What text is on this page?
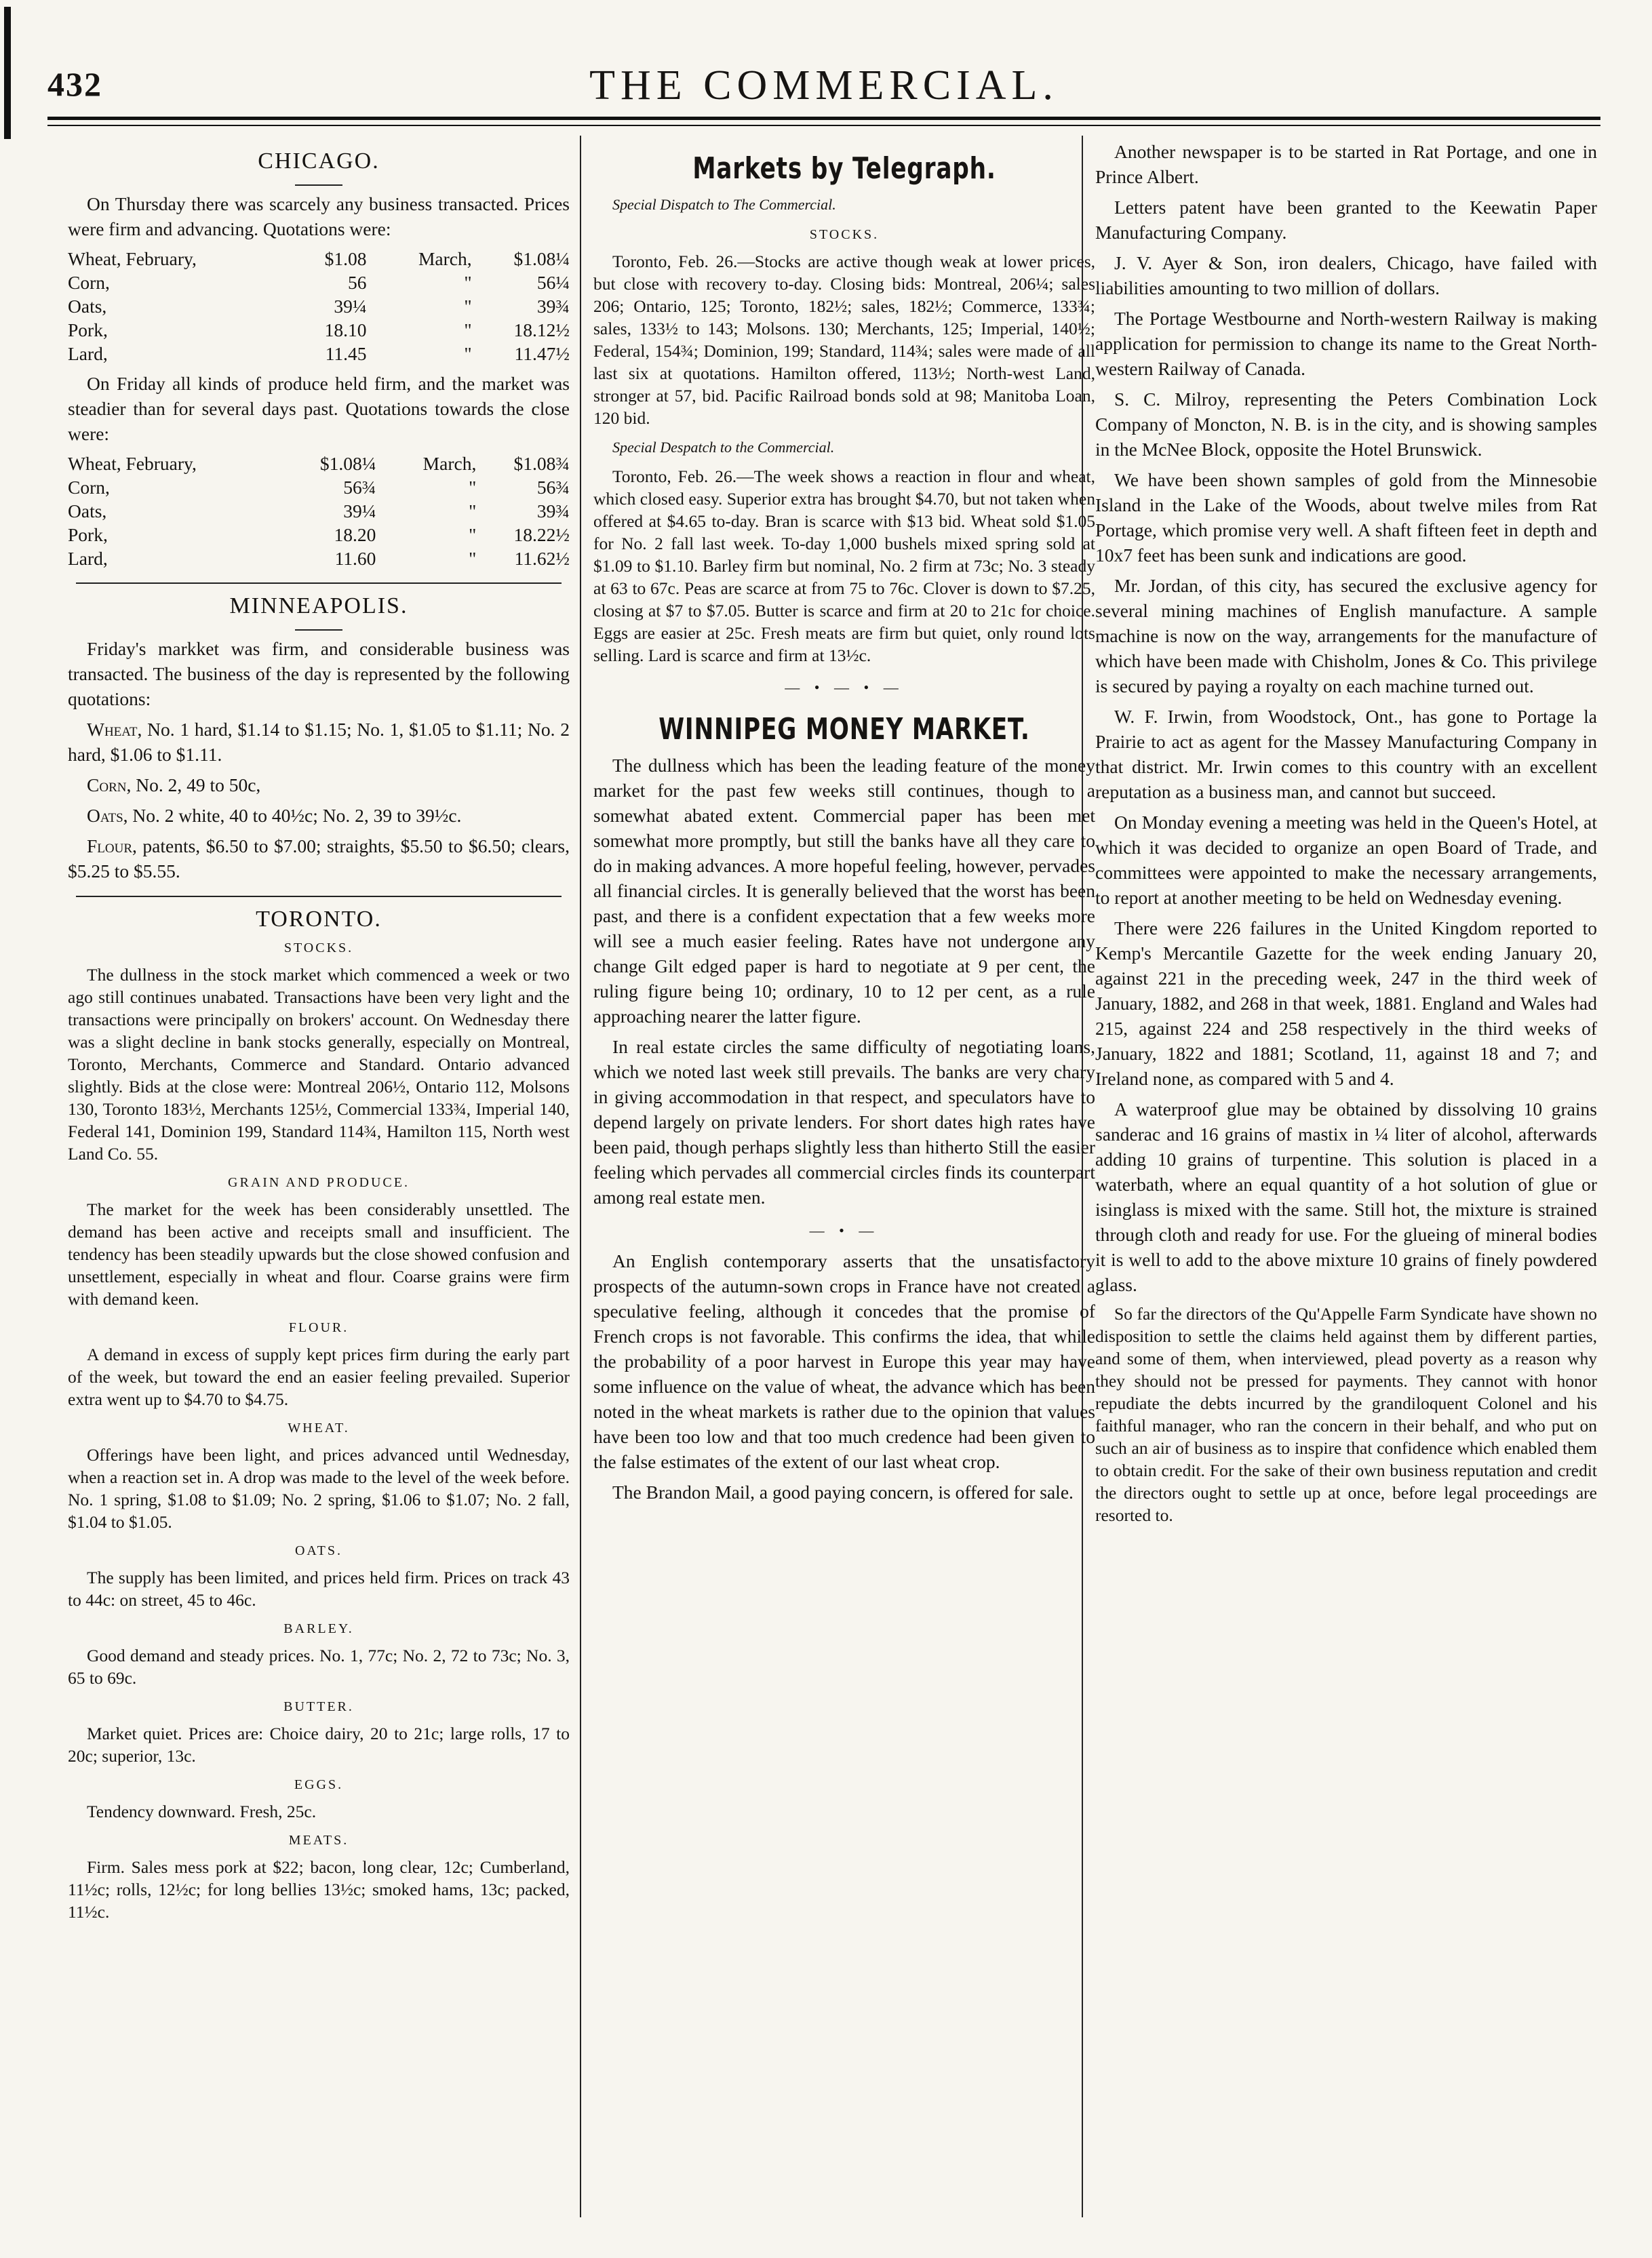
432	THE COMMERCIAL.
CHICAGO.

On Thursday there was scarcely any business transacted. Prices were firm and advancing. Quotations were:

Wheat, February,	$1.08	March,	$1.08¼
Corn,	56	"	56¼
Oats,	39¼	"	39¾
Pork,	18.10	"	18.12½
Lard,	11.45	"	11.47½

On Friday all kinds of produce held firm, and the market was steadier than for several days past. Quotations towards the close were:

Wheat, February,	$1.08¼	March,	$1.08¾
Corn,	56¾	"	56¾
Oats,	39¼	"	39¾
Pork,	18.20	"	18.22½
Lard,	11.60	"	11.62½
MINNEAPOLIS.

Friday's markket was firm, and considerable business was transacted. The business of the day is represented by the following quotations:

Wheat, No. 1 hard, $1.14 to $1.15; No. 1, $1.05 to $1.11; No. 2 hard, $1.06 to $1.11.

Corn, No. 2, 49 to 50c,

Oats, No. 2 white, 40 to 40½c; No. 2, 39 to 39½c.

Flour, patents, $6.50 to $7.00; straights, $5.50 to $6.50; clears, $5.25 to $5.55.

TORONTO.
STOCKS.

The dullness in the stock market which commenced a week or two ago still continues unabated. Transactions have been very light and the transactions were principally on brokers' account. On Wednesday there was a slight decline in bank stocks generally, especially on Montreal, Toronto, Merchants, Commerce and Standard. Ontario advanced slightly. Bids at the close were: Montreal 206½, Ontario 112, Molsons 130, Toronto 183½, Merchants 125½, Commercial 133¾, Imperial 140, Federal 141, Dominion 199, Standard 114¾, Hamilton 115, North west Land Co. 55.

GRAIN AND PRODUCE.

The market for the week has been considerably unsettled. The demand has been active and receipts small and insufficient. The tendency has been steadily upwards but the close showed confusion and unsettlement, especially in wheat and flour. Coarse grains were firm with demand keen.

FLOUR.

A demand in excess of supply kept prices firm during the early part of the week, but toward the end an easier feeling prevailed. Superior extra went up to $4.70 to $4.75.

WHEAT.

Offerings have been light, and prices advanced until Wednesday, when a reaction set in. A drop was made to the level of the week before. No. 1 spring, $1.08 to $1.09; No. 2 spring, $1.06 to $1.07; No. 2 fall, $1.04 to $1.05.

OATS.

The supply has been limited, and prices held firm. Prices on track 43 to 44c: on street, 45 to 46c.

BARLEY.

Good demand and steady prices. No. 1, 77c; No. 2, 72 to 73c; No. 3, 65 to 69c.

BUTTER.

Market quiet. Prices are: Choice dairy, 20 to 21c; large rolls, 17 to 20c; superior, 13c.

EGGS.

Tendency downward. Fresh, 25c.

MEATS.

Firm. Sales mess pork at $22; bacon, long clear, 12c; Cumberland, 11½c; rolls, 12½c; for long bellies 13½c; smoked hams, 13c; packed, 11½c.

Markets by Telegraph.

Special Dispatch to The Commercial.

STOCKS.

Toronto, Feb. 26.—Stocks are active though weak at lower prices, but close with recovery to-day. Closing bids: Montreal, 206¼; sales 206; Ontario, 125; Toronto, 182½; sales, 182½; Commerce, 133¾; sales, 133½ to 143; Molsons. 130; Merchants, 125; Imperial, 140½; Federal, 154¾; Dominion, 199; Standard, 114¾; sales were made of all last six at quotations. Hamilton offered, 113½; North-west Land, stronger at 57, bid. Pacific Railroad bonds sold at 98; Manitoba Loan, 120 bid.

Special Despatch to the Commercial.

Toronto, Feb. 26.—The week shows a reaction in flour and wheat, which closed easy. Superior extra has brought $4.70, but not taken when offered at $4.65 to-day. Bran is scarce with $13 bid. Wheat sold $1.05 for No. 2 fall last week. To-day 1,000 bushels mixed spring sold at $1.09 to $1.10. Barley firm but nominal, No. 2 firm at 73c; No. 3 steady at 63 to 67c. Peas are scarce at from 75 to 76c. Clover is down to $7.25, closing at $7 to $7.05. Butter is scarce and firm at 20 to 21c for choice. Eggs are easier at 25c. Fresh meats are firm but quiet, only round lots selling. Lard is scarce and firm at 13½c.

— • — • —
WINNIPEG MONEY MARKET.

The dullness which has been the leading feature of the money market for the past few weeks still continues, though to a somewhat abated extent. Commercial paper has been met somewhat more promptly, but still the banks have all they care to do in making advances. A more hopeful feeling, however, pervades all financial circles. It is generally believed that the worst has been past, and there is a confident expectation that a few weeks more will see a much easier feeling. Rates have not undergone any change Gilt edged paper is hard to negotiate at 9 per cent, the ruling figure being 10; ordinary, 10 to 12 per cent, as a rule approaching nearer the latter figure.

In real estate circles the same difficulty of negotiating loans, which we noted last week still prevails. The banks are very chary in giving accommodation in that respect, and speculators have to depend largely on private lenders. For short dates high rates have been paid, though perhaps slightly less than hitherto Still the easier feeling which pervades all commercial circles finds its counterpart among real estate men.

— • —

An English contemporary asserts that the unsatisfactory prospects of the autumn-sown crops in France have not created a speculative feeling, although it concedes that the promise of French crops is not favorable. This confirms the idea, that while the probability of a poor harvest in Europe this year may have some influence on the value of wheat, the advance which has been noted in the wheat markets is rather due to the opinion that values have been too low and that too much credence had been given to the false estimates of the extent of our last wheat crop.

The Brandon Mail, a good paying concern, is offered for sale.

Another newspaper is to be started in Rat Portage, and one in Prince Albert.

Letters patent have been granted to the Keewatin Paper Manufacturing Company.

J. V. Ayer & Son, iron dealers, Chicago, have failed with liabilities amounting to two million of dollars.

The Portage Westbourne and North-western Railway is making application for permission to change its name to the Great North-western Railway of Canada.

S. C. Milroy, representing the Peters Combination Lock Company of Moncton, N. B. is in the city, and is showing samples in the McNee Block, opposite the Hotel Brunswick.

We have been shown samples of gold from the Minnesobie Island in the Lake of the Woods, about twelve miles from Rat Portage, which promise very well. A shaft fifteen feet in depth and 10x7 feet has been sunk and indications are good.

Mr. Jordan, of this city, has secured the exclusive agency for several mining machines of English manufacture. A sample machine is now on the way, arrangements for the manufacture of which have been made with Chisholm, Jones & Co. This privilege is secured by paying a royalty on each machine turned out.

W. F. Irwin, from Woodstock, Ont., has gone to Portage la Prairie to act as agent for the Massey Manufacturing Company in that district. Mr. Irwin comes to this country with an excellent reputation as a business man, and cannot but succeed.

On Monday evening a meeting was held in the Queen's Hotel, at which it was decided to organize an open Board of Trade, and committees were appointed to make the necessary arrangements, to report at another meeting to be held on Wednesday evening.

There were 226 failures in the United Kingdom reported to Kemp's Mercantile Gazette for the week ending January 20, against 221 in the preceding week, 247 in the third week of January, 1882, and 268 in that week, 1881. England and Wales had 215, against 224 and 258 respectively in the third weeks of January, 1822 and 1881; Scotland, 11, against 18 and 7; and Ireland none, as compared with 5 and 4.

A waterproof glue may be obtained by dissolving 10 grains sanderac and 16 grains of mastix in ¼ liter of alcohol, afterwards adding 10 grains of turpentine. This solution is placed in a waterbath, where an equal quantity of a hot solution of glue or isinglass is mixed with the same. Still hot, the mixture is strained through cloth and ready for use. For the glueing of mineral bodies it is well to add to the above mixture 10 grains of finely powdered glass.

So far the directors of the Qu'Appelle Farm Syndicate have shown no disposition to settle the claims held against them by different parties, and some of them, when interviewed, plead poverty as a reason why they should not be pressed for payments. They cannot with honor repudiate the debts incurred by the grandiloquent Colonel and his faithful manager, who ran the concern in their behalf, and who put on such an air of business as to inspire that confidence which enabled them to obtain credit. For the sake of their own business reputation and credit the directors ought to settle up at once, before legal proceedings are resorted to.
